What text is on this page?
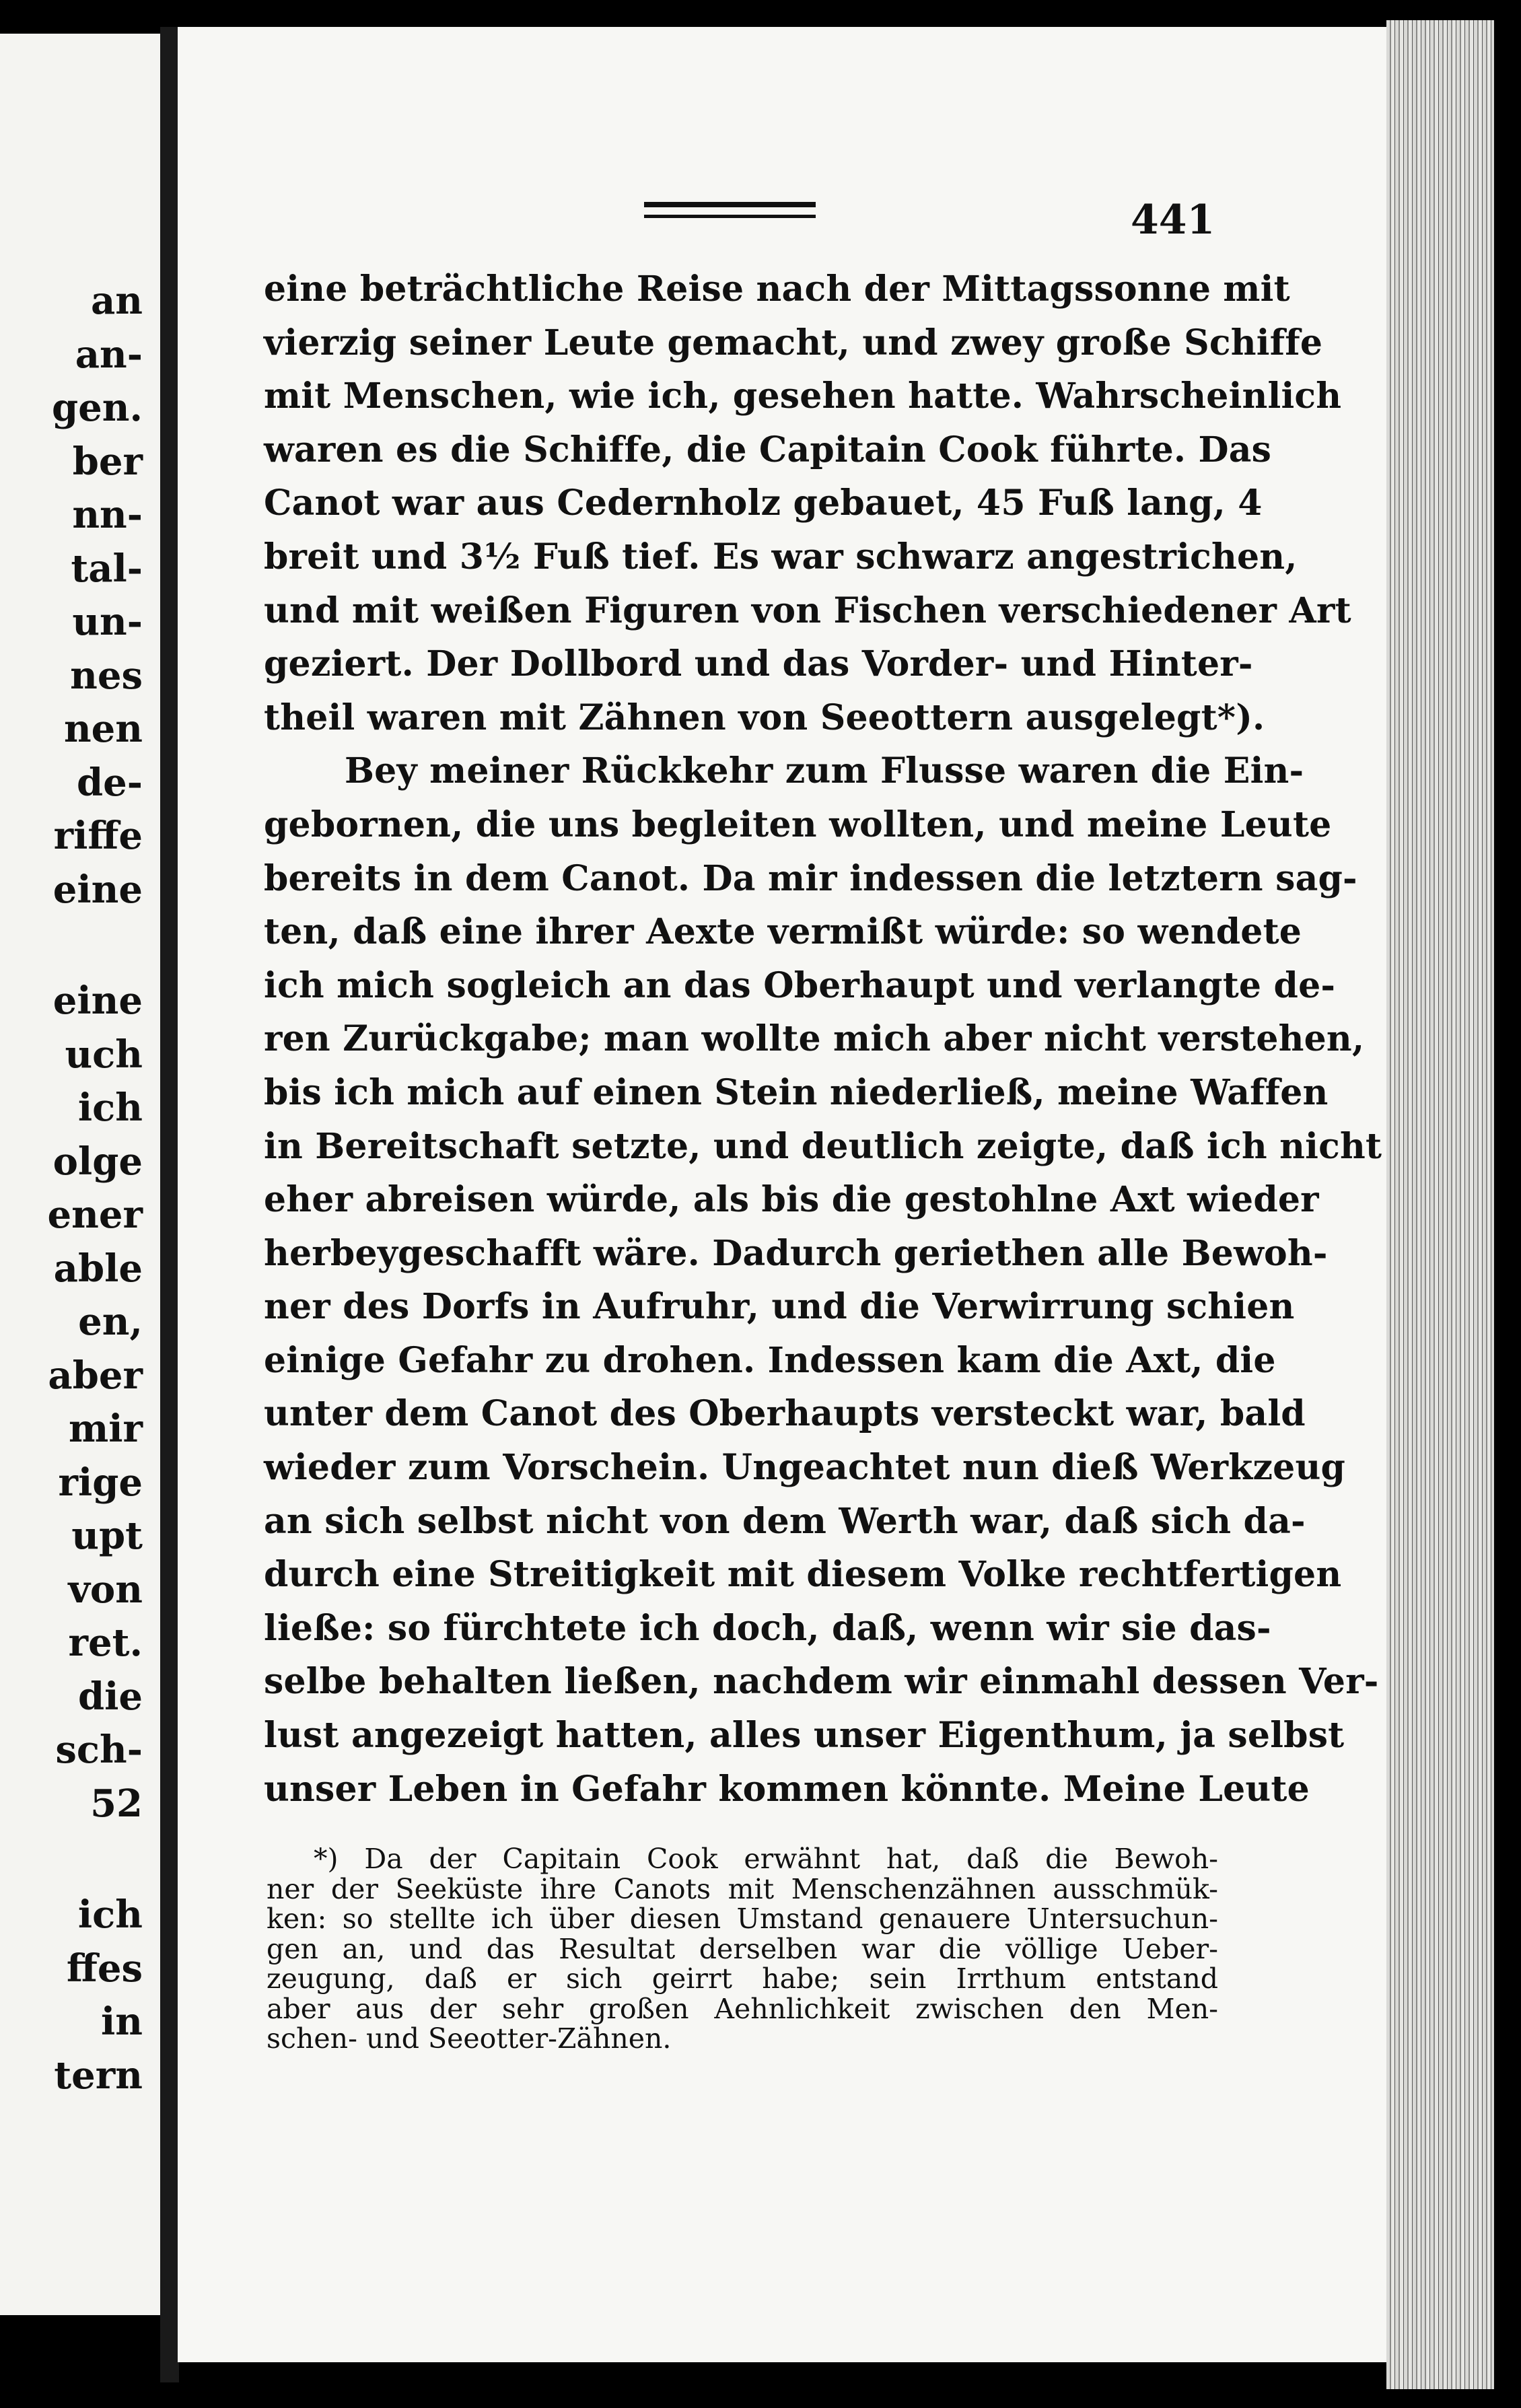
an
an-
gen.
ber
nn-
tal-
un-
nes
nen
de-
riffe
eine
eine
uch
ich
olge
ener
able
en,
aber
mir
rige
upt
von
ret.
die
sch-
52
ich
ffes
in
tern
441
eine beträchtliche Reise nach der Mittagssonne mit
vierzig seiner Leute gemacht, und zwey große Schiffe
mit Menschen, wie ich, gesehen hatte. Wahrscheinlich
waren es die Schiffe, die Capitain Cook führte. Das
Canot war aus Cedernholz gebauet, 45 Fuß lang, 4
breit und 3½ Fuß tief. Es war schwarz angestrichen,
und mit weißen Figuren von Fischen verschiedener Art
geziert. Der Dollbord und das Vorder- und Hinter-
theil waren mit Zähnen von Seeottern ausgelegt*).
Bey meiner Rückkehr zum Flusse waren die Ein-
gebornen, die uns begleiten wollten, und meine Leute
bereits in dem Canot. Da mir indessen die letztern sag-
ten, daß eine ihrer Aexte vermißt würde: so wendete
ich mich sogleich an das Oberhaupt und verlangte de-
ren Zurückgabe; man wollte mich aber nicht verstehen,
bis ich mich auf einen Stein niederließ, meine Waffen
in Bereitschaft setzte, und deutlich zeigte, daß ich nicht
eher abreisen würde, als bis die gestohlne Axt wieder
herbeygeschafft wäre. Dadurch geriethen alle Bewoh-
ner des Dorfs in Aufruhr, und die Verwirrung schien
einige Gefahr zu drohen. Indessen kam die Axt, die
unter dem Canot des Oberhaupts versteckt war, bald
wieder zum Vorschein. Ungeachtet nun dieß Werkzeug
an sich selbst nicht von dem Werth war, daß sich da-
durch eine Streitigkeit mit diesem Volke rechtfertigen
ließe: so fürchtete ich doch, daß, wenn wir sie das-
selbe behalten ließen, nachdem wir einmahl dessen Ver-
lust angezeigt hatten, alles unser Eigenthum, ja selbst
unser Leben in Gefahr kommen könnte. Meine Leute
*) Da der Capitain Cook erwähnt hat, daß die Bewoh-
ner der Seeküste ihre Canots mit Menschenzähnen ausschmük-
ken: so stellte ich über diesen Umstand genauere Untersuchun-
gen an, und das Resultat derselben war die völlige Ueber-
zeugung, daß er sich geirrt habe; sein Irrthum entstand
aber aus der sehr großen Aehnlichkeit zwischen den Men-
schen- und Seeotter-Zähnen.
